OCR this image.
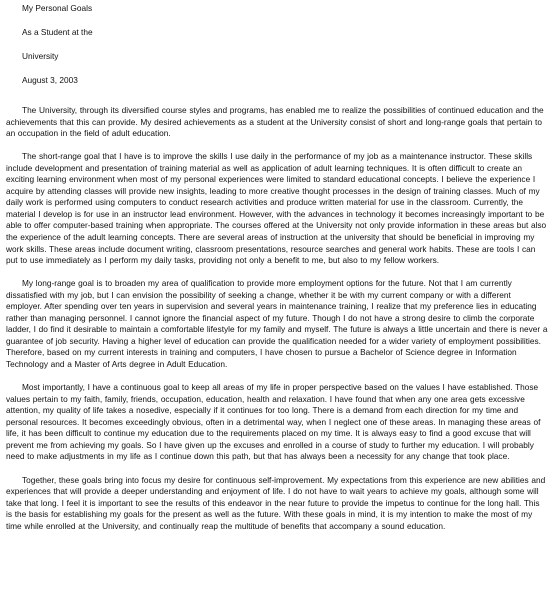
My Personal Goals
As a Student at the
University
August 3, 2003

The University, through its diversified course styles and programs, has enabled me to realize the possibilities of continued education and the achievements that this can provide. My desired achievements as a student at the University consist of short and long-range goals that pertain to an occupation in the field of adult education.

The short-range goal that I have is to improve the skills I use daily in the performance of my job as a maintenance instructor. These skills include development and presentation of training material as well as application of adult learning techniques. It is often difficult to create an exciting learning environment when most of my personal experiences were limited to standard educational concepts. I believe the experience I acquire by attending classes will provide new insights, leading to more creative thought processes in the design of training classes. Much of my daily work is performed using computers to conduct research activities and produce written material for use in the classroom. Currently, the material I develop is for use in an instructor lead environment. However, with the advances in technology it becomes increasingly important to be able to offer computer-based training when appropriate. The courses offered at the University not only provide information in these areas but also the experience of the adult learning concepts. There are several areas of instruction at the university that should be beneficial in improving my work skills. These areas include document writing, classroom presentations, resource searches and general work habits. These are tools I can put to use immediately as I perform my daily tasks, providing not only a benefit to me, but also to my fellow workers.

My long-range goal is to broaden my area of qualification to provide more employment options for the future. Not that I am currently dissatisfied with my job, but I can envision the possibility of seeking a change, whether it be with my current company or with a different employer. After spending over ten years in supervision and several years in maintenance training, I realize that my preference lies in educating rather than managing personnel. I cannot ignore the financial aspect of my future. Though I do not have a strong desire to climb the corporate ladder, I do find it desirable to maintain a comfortable lifestyle for my family and myself. The future is always a little uncertain and there is never a guarantee of job security. Having a higher level of education can provide the qualification needed for a wider variety of employment possibilities. Therefore, based on my current interests in training and computers, I have chosen to pursue a Bachelor of Science degree in Information Technology and a Master of Arts degree in Adult Education.

Most importantly, I have a continuous goal to keep all areas of my life in proper perspective based on the values I have established. Those values pertain to my faith, family, friends, occupation, education, health and relaxation. I have found that when any one area gets excessive attention, my quality of life takes a nosedive, especially if it continues for too long. There is a demand from each direction for my time and personal resources. It becomes exceedingly obvious, often in a detrimental way, when I neglect one of these areas. In managing these areas of life, it has been difficult to continue my education due to the requirements placed on my time. It is always easy to find a good excuse that will prevent me from achieving my goals. So I have given up the excuses and enrolled in a course of study to further my education. I will probably need to make adjustments in my life as I continue down this path, but that has always been a necessity for any change that took place.

Together, these goals bring into focus my desire for continuous self-improvement. My expectations from this experience are new abilities and experiences that will provide a deeper understanding and enjoyment of life. I do not have to wait years to achieve my goals, although some will take that long. I feel it is important to see the results of this endeavor in the near future to provide the impetus to continue for the long hall. This is the basis for establishing my goals for the present as well as the future. With these goals in mind, it is my intention to make the most of my time while enrolled at the University, and continually reap the multitude of benefits that accompany a sound education.
